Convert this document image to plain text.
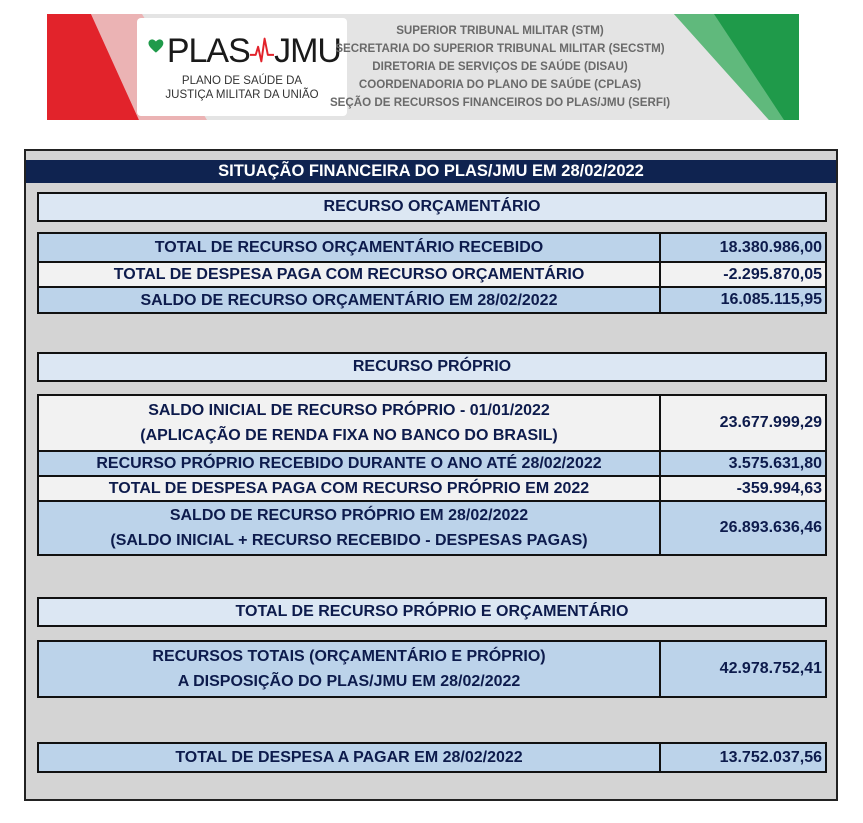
PLAS JMU
PLANO DE SAÚDE DA
JUSTIÇA MILITAR DA UNIÃO
SUPERIOR TRIBUNAL MILITAR (STM)
SECRETARIA DO SUPERIOR TRIBUNAL MILITAR (SECSTM)
DIRETORIA DE SERVIÇOS DE SAÚDE (DISAU)
COORDENADORIA DO PLANO DE SAÚDE (CPLAS)
SEÇÃO DE RECURSOS FINANCEIROS DO PLAS/JMU (SERFI)
SITUAÇÃO FINANCEIRA DO PLAS/JMU EM 28/02/2022
RECURSO ORÇAMENTÁRIO
TOTAL DE RECURSO ORÇAMENTÁRIO RECEBIDO	18.380.986,00
TOTAL DE DESPESA PAGA COM RECURSO ORÇAMENTÁRIO	-2.295.870,05
SALDO DE RECURSO ORÇAMENTÁRIO EM 28/02/2022	16.085.115,95
RECURSO PRÓPRIO
SALDO INICIAL DE RECURSO PRÓPRIO - 01/01/2022
(APLICAÇÃO DE RENDA FIXA NO BANCO DO BRASIL)
23.677.999,29
RECURSO PRÓPRIO RECEBIDO DURANTE O ANO ATÉ 28/02/2022	3.575.631,80
TOTAL DE DESPESA PAGA COM RECURSO PRÓPRIO EM 2022	-359.994,63
SALDO DE RECURSO PRÓPRIO EM 28/02/2022
(SALDO INICIAL + RECURSO RECEBIDO - DESPESAS PAGAS)
26.893.636,46
TOTAL DE RECURSO PRÓPRIO E ORÇAMENTÁRIO
RECURSOS TOTAIS (ORÇAMENTÁRIO E PRÓPRIO)
A DISPOSIÇÃO DO PLAS/JMU EM 28/02/2022
42.978.752,41
TOTAL DE DESPESA A PAGAR EM 28/02/2022	13.752.037,56
